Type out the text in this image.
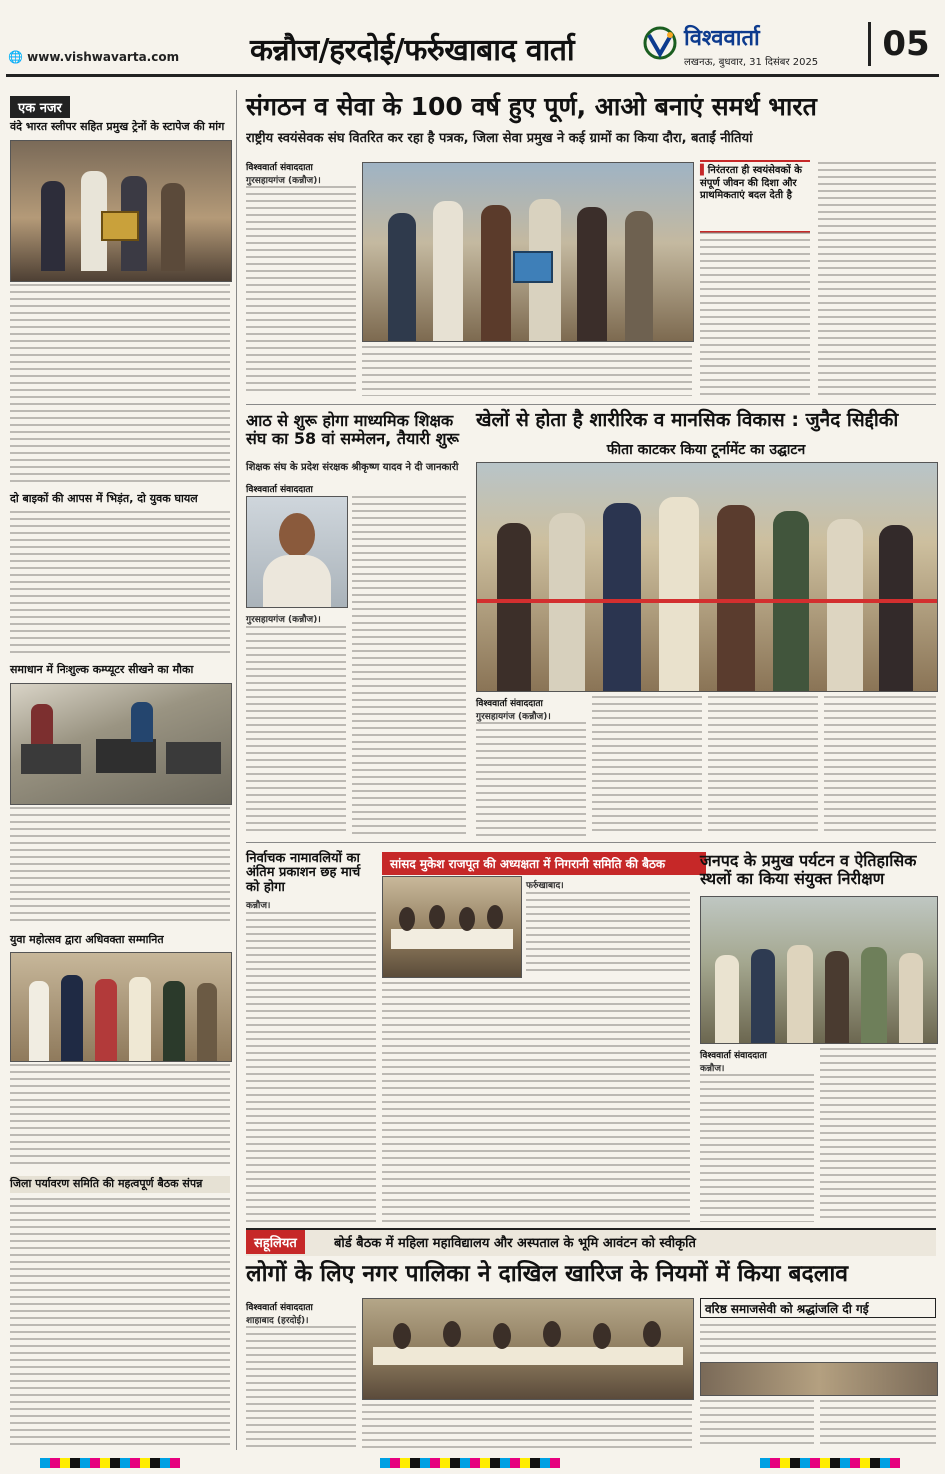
🌐 www.vishwavarta.com कन्नौज/हरदोई/फर्रुखाबाद वार्ता	विश्ववार्ता
लखनऊ, बुधवार, 31 दिसंबर 2025	05
एक नजर
वंदे भारत स्लीपर सहित प्रमुख ट्रेनों के स्टापेज की मांग
दो बाइकों की आपस में भिड़ंत, दो युवक घायल
समाधान में निःशुल्क कम्प्यूटर सीखने का मौका
युवा महोत्सव द्वारा अधिवक्ता सम्मानित
जिला पर्यावरण समिति की महत्वपूर्ण बैठक संपन्न
संगठन व सेवा के 100 वर्ष हुए पूर्ण, आओ बनाएं समर्थ भारत
राष्ट्रीय स्वयंसेवक संघ वितरित कर रहा है पत्रक, जिला सेवा प्रमुख ने कई ग्रामों का किया दौरा, बताईं नीतियां
विश्ववार्ता संवाददाता
गुरसहायगंज (कन्नौज)।
▌निरंतरता ही स्वयंसेवकों के संपूर्ण जीवन की दिशा और प्राथमिकताएं बदल देती है
आठ से शुरू होगा माध्यमिक शिक्षक संघ का 58 वां सम्मेलन, तैयारी शुरू
शिक्षक संघ के प्रदेश संरक्षक श्रीकृष्ण यादव ने दी जानकारी
विश्ववार्ता संवाददाता
गुरसहायगंज (कन्नौज)।
खेलों से होता है शारीरिक व मानसिक विकास : जुनैद सिद्दीकी
फीता काटकर किया टूर्नामेंट का उद्घाटन
विश्ववार्ता संवाददाता
गुरसहायगंज (कन्नौज)।
निर्वाचक नामावलियों का अंतिम प्रकाशन छह मार्च को होगा
कन्नौज।
सांसद मुकेश राजपूत की अध्यक्षता में निगरानी समिति की बैठक
फर्रुखाबाद।
जनपद के प्रमुख पर्यटन व ऐतिहासिक स्थलों का किया संयुक्त निरीक्षण
विश्ववार्ता संवाददाता
कन्नौज।
सहूलियत	बोर्ड बैठक में महिला महाविद्यालय और अस्पताल के भूमि आवंटन को स्वीकृति
लोगों के लिए नगर पालिका ने दाखिल खारिज के नियमों में किया बदलाव
विश्ववार्ता संवाददाता
शाहाबाद (हरदोई)।
वरिष्ठ समाजसेवी को श्रद्धांजलि दी गई
